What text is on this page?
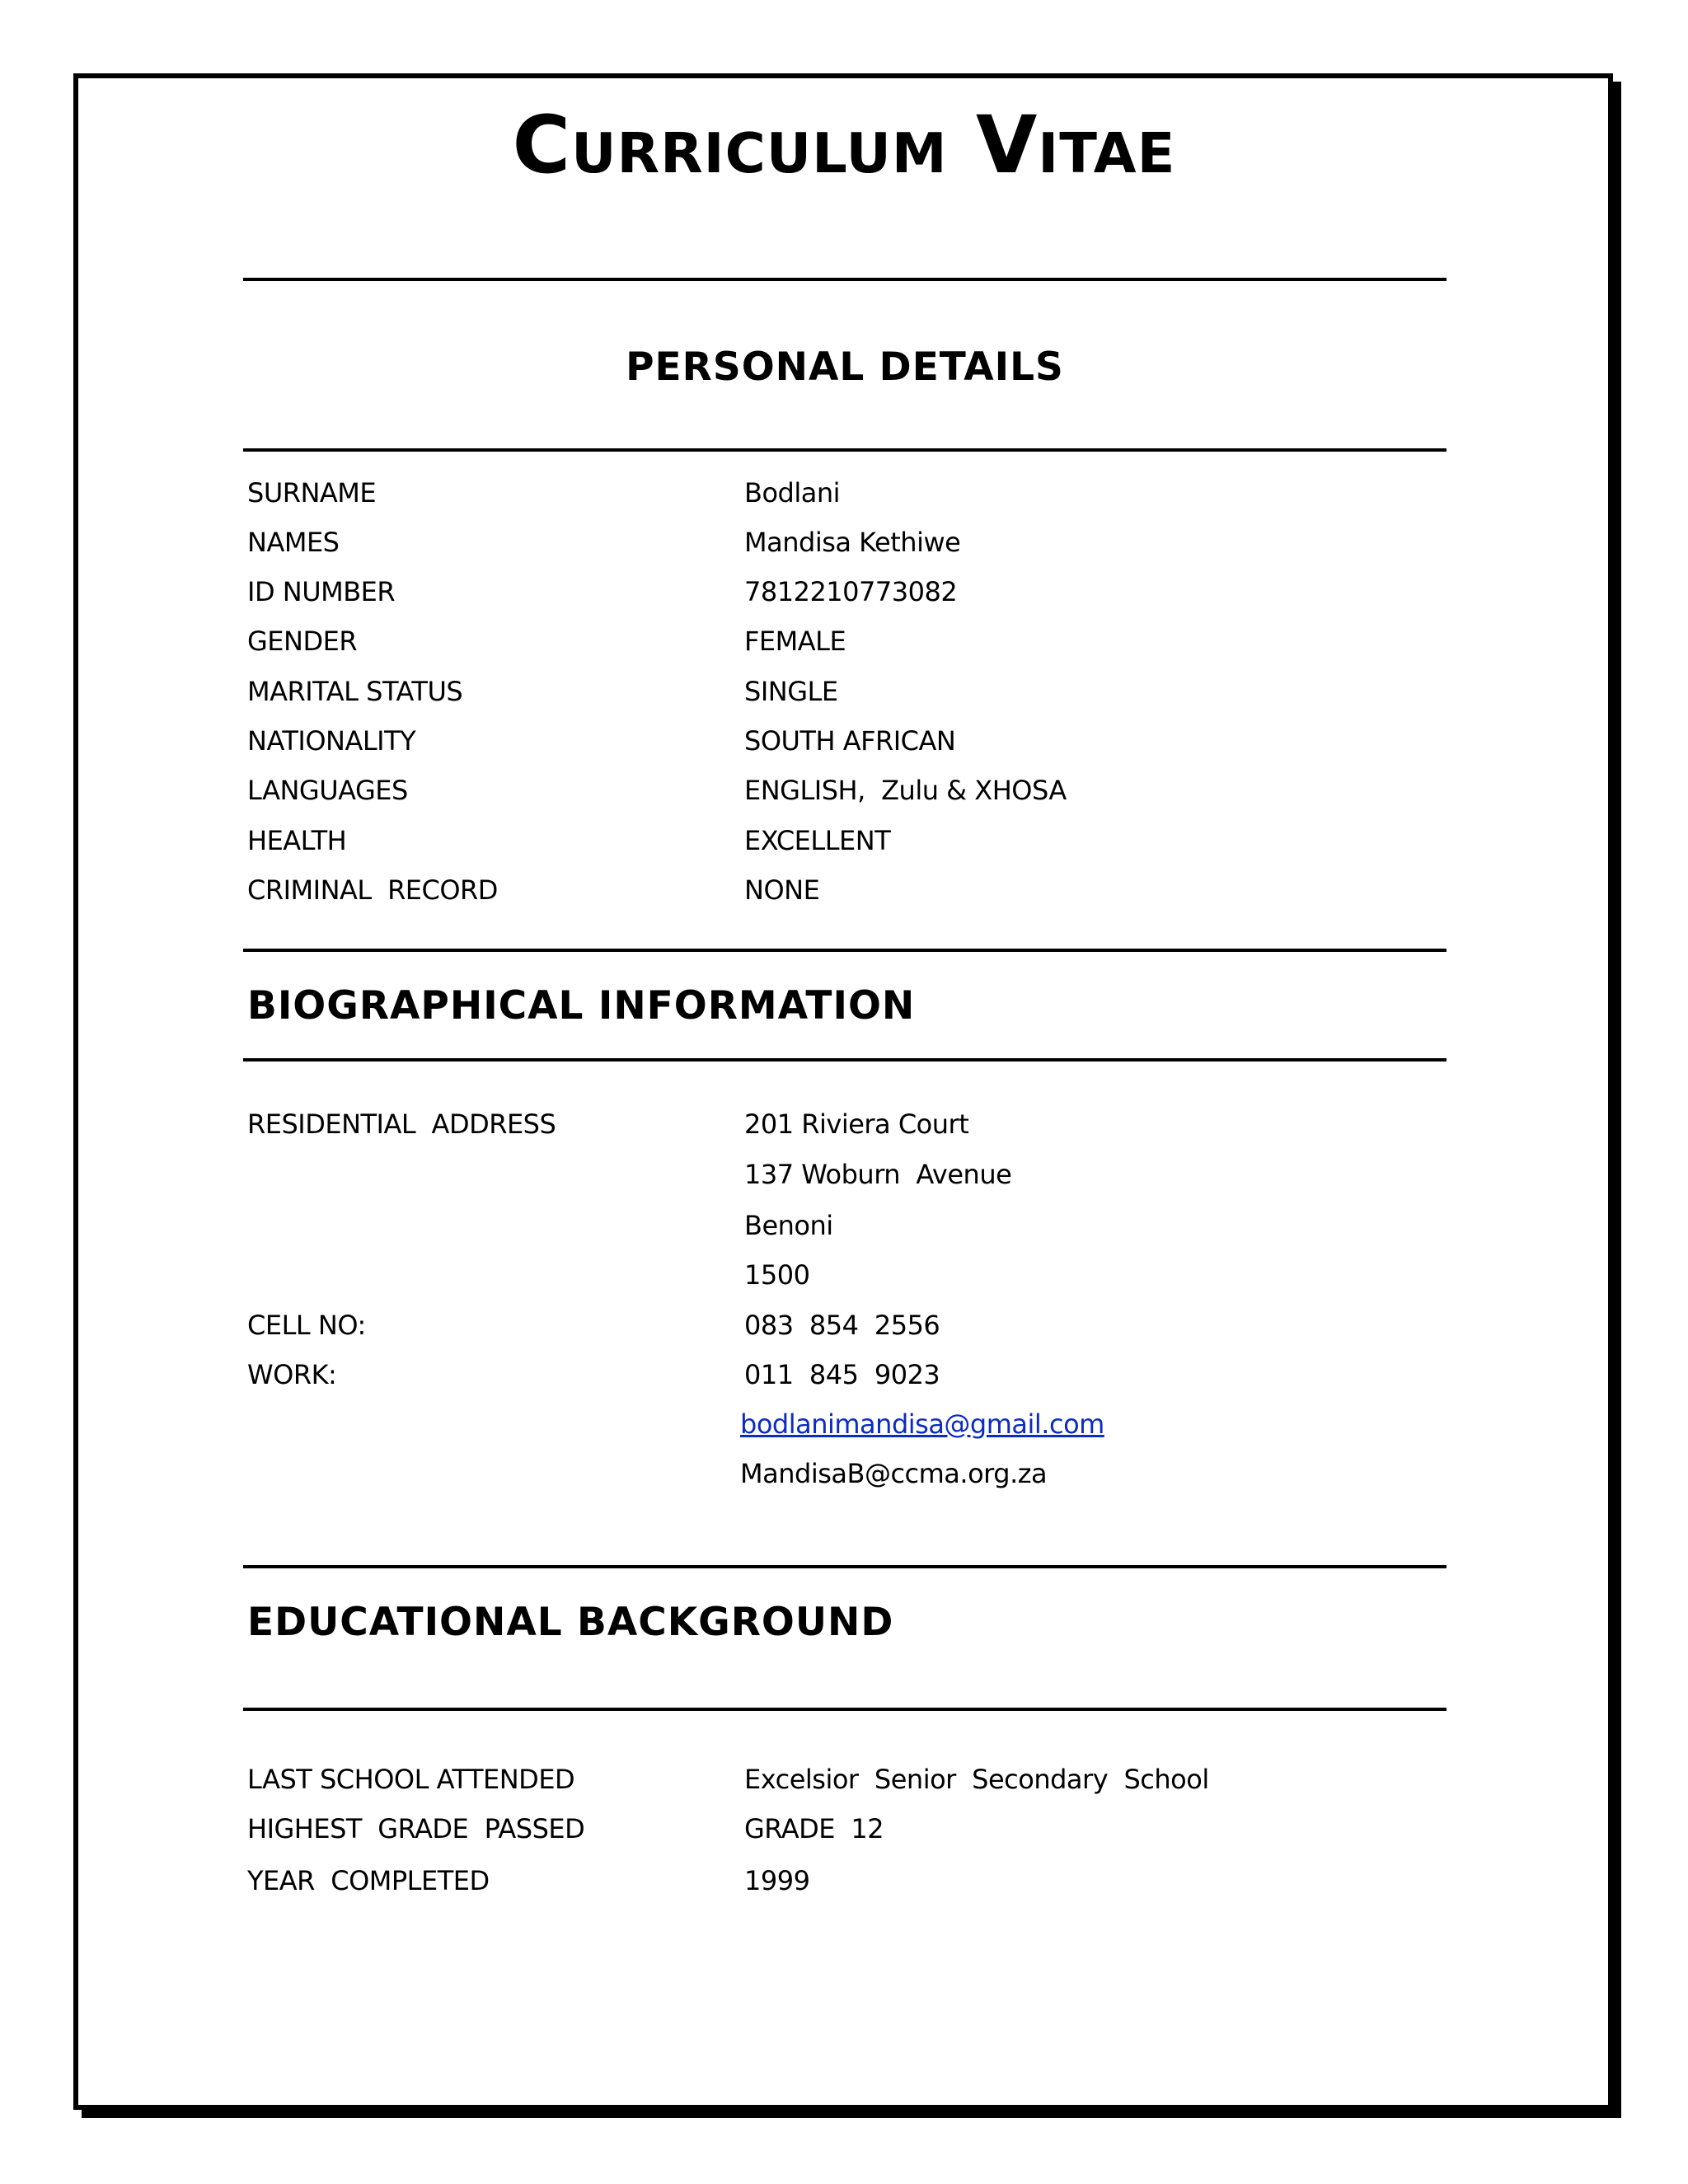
Curriculum Vitae
PERSONAL DETAILS
SURNAME	Bodlani
NAMES	Mandisa Kethiwe
ID NUMBER	7812210773082
GENDER	FEMALE
MARITAL STATUS	SINGLE
NATIONALITY	SOUTH AFRICAN
LANGUAGES	ENGLISH,  Zulu & XHOSA
HEALTH	EXCELLENT
CRIMINAL  RECORD	NONE
BIOGRAPHICAL INFORMATION
RESIDENTIAL  ADDRESS	201 Riviera Court
137 Woburn  Avenue
Benoni
1500
CELL NO:	083  854  2556
WORK:	011  845  9023
bodlanimandisa@gmail.com
MandisaB@ccma.org.za
EDUCATIONAL BACKGROUND
LAST SCHOOL ATTENDED	Excelsior  Senior  Secondary  School
HIGHEST  GRADE  PASSED	GRADE  12
YEAR  COMPLETED	1999
